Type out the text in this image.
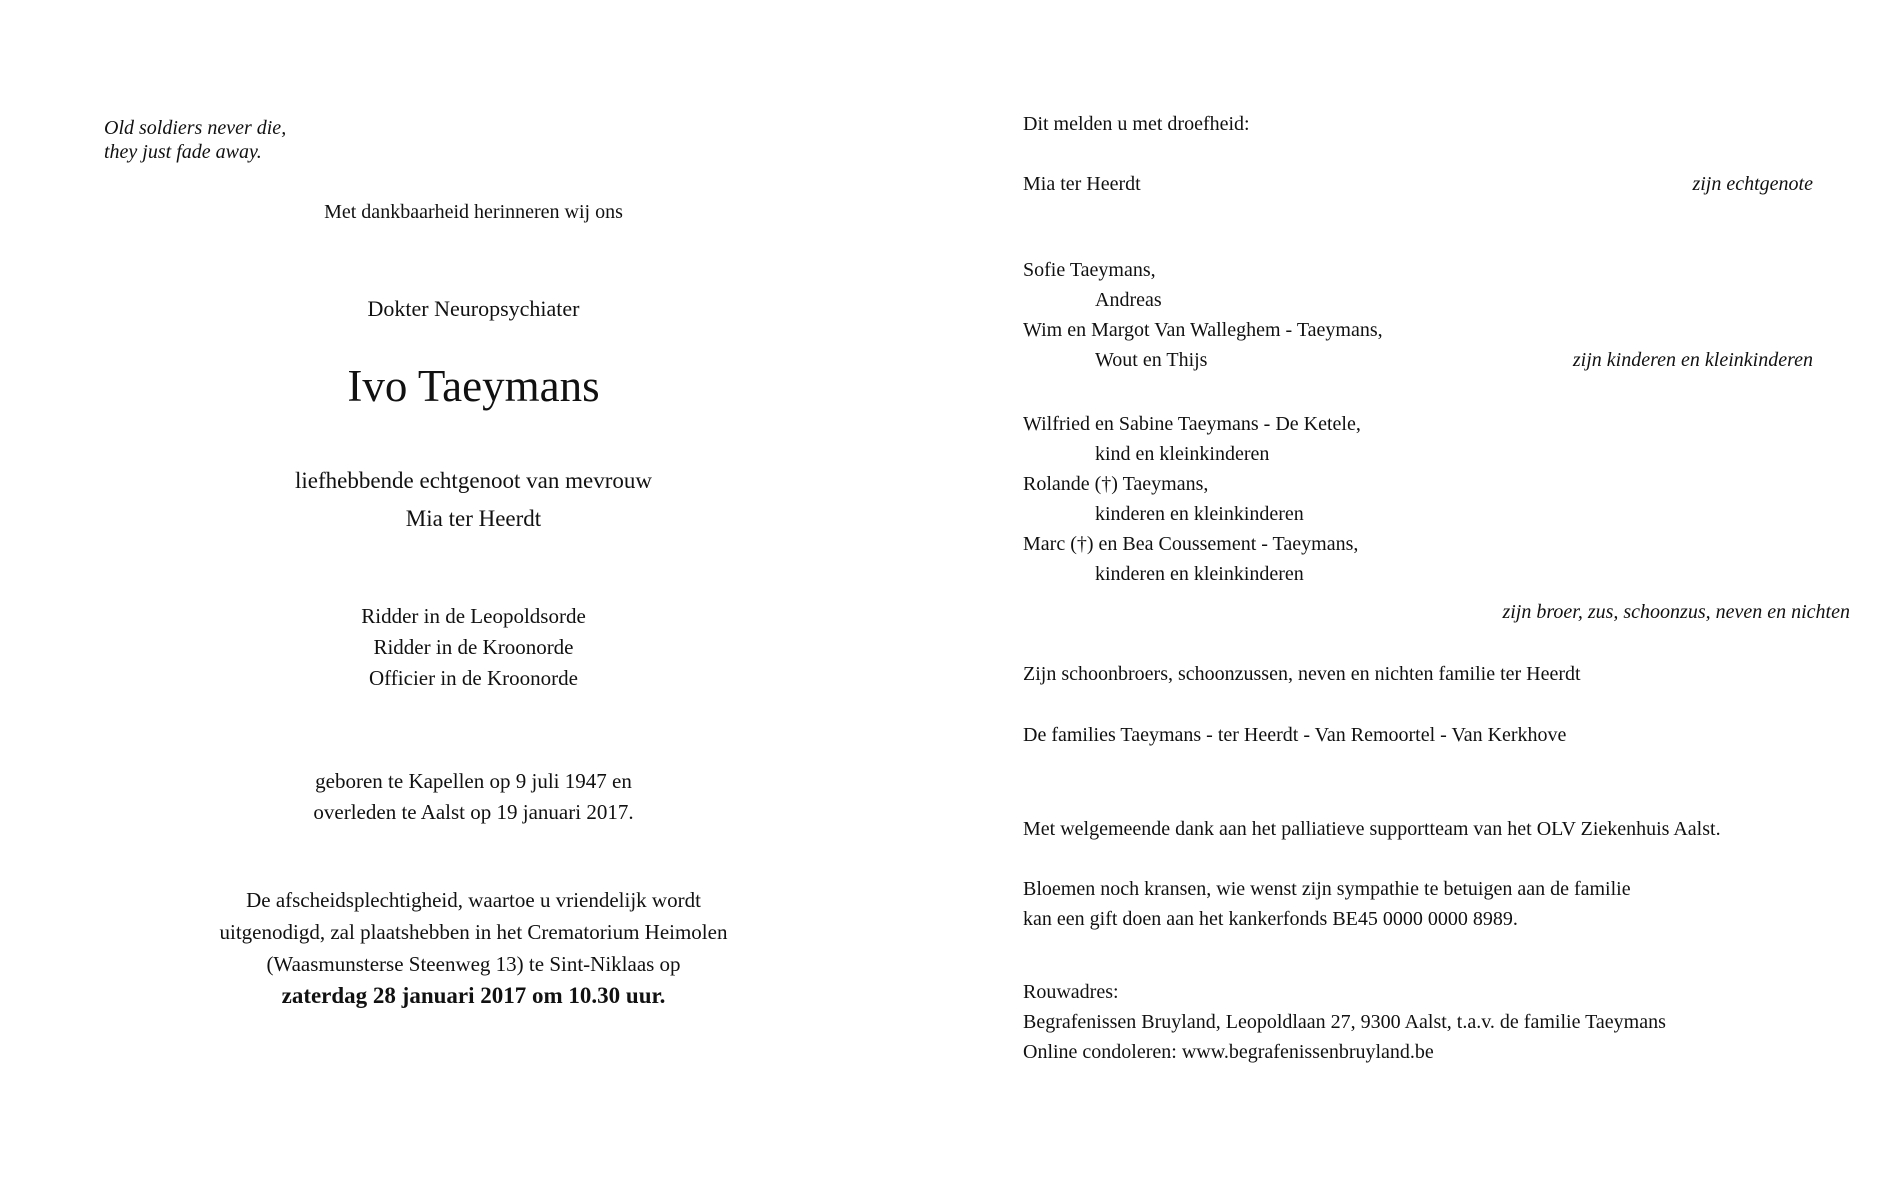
Old soldiers never die,
they just fade away.
Met dankbaarheid herinneren wij ons
Dokter Neuropsychiater
Ivo Taeymans
liefhebbende echtgenoot van mevrouw
Mia ter Heerdt
Ridder in de Leopoldsorde
Ridder in de Kroonorde
Officier in de Kroonorde
geboren te Kapellen op 9 juli 1947 en
overleden te Aalst op 19 januari 2017.
De afscheidsplechtigheid, waartoe u vriendelijk wordt
uitgenodigd, zal plaatshebben in het Crematorium Heimolen
(Waasmunsterse Steenweg 13) te Sint-Niklaas op
zaterdag 28 januari 2017 om 10.30 uur.
Dit melden u met droefheid:
Mia ter Heerdt	zijn echtgenote
Sofie Taeymans,
Andreas
Wim en Margot Van Walleghem - Taeymans,
Wout en Thijs	zijn kinderen en kleinkinderen
Wilfried en Sabine Taeymans - De Ketele,
kind en kleinkinderen
Rolande (†) Taeymans,
kinderen en kleinkinderen
Marc (†) en Bea Coussement - Taeymans,
kinderen en kleinkinderen
zijn broer, zus, schoonzus, neven en nichten
Zijn schoonbroers, schoonzussen, neven en nichten familie ter Heerdt
De families Taeymans - ter Heerdt - Van Remoortel - Van Kerkhove
Met welgemeende dank aan het palliatieve supportteam van het OLV Ziekenhuis Aalst.
Bloemen noch kransen, wie wenst zijn sympathie te betuigen aan de familie
kan een gift doen aan het kankerfonds BE45 0000 0000 8989.
Rouwadres:
Begrafenissen Bruyland, Leopoldlaan 27, 9300 Aalst, t.a.v. de familie Taeymans
Online condoleren: www.begrafenissenbruyland.be
